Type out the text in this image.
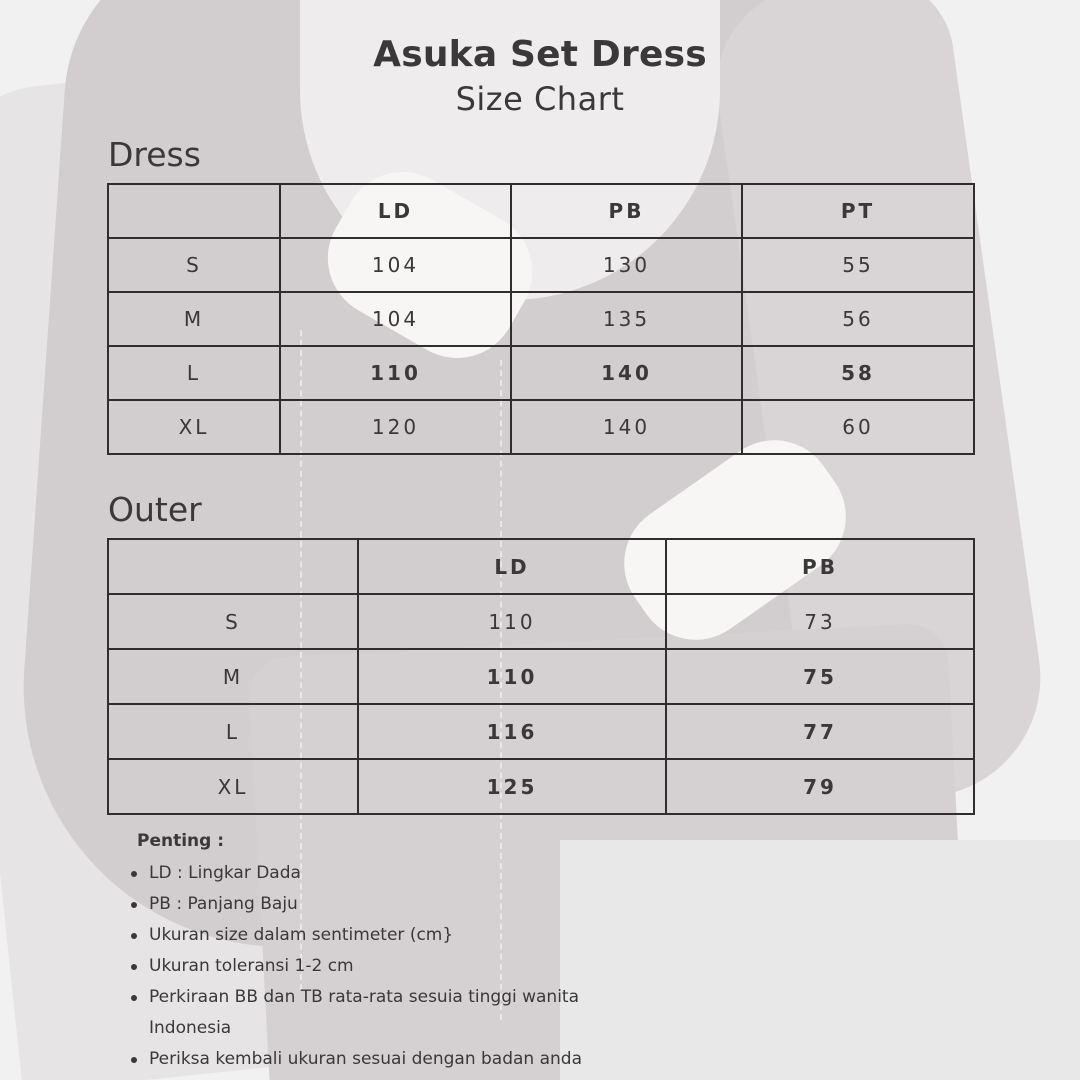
Asuka Set Dress
Size Chart
Dress
	LD	PB	PT
S	104	130	55
M	104	135	56
L	110	140	58
XL	120	140	60
Outer
	LD	PB
S	110	73
M	110	75
L	116	77
XL	125	79
Penting :
LD : Lingkar Dada
PB : Panjang Baju
Ukuran size dalam sentimeter (cm}
Ukuran toleransi 1-2 cm
Perkiraan BB dan TB rata-rata sesuia tinggi wanita Indonesia
Periksa kembali ukuran sesuai dengan badan anda
